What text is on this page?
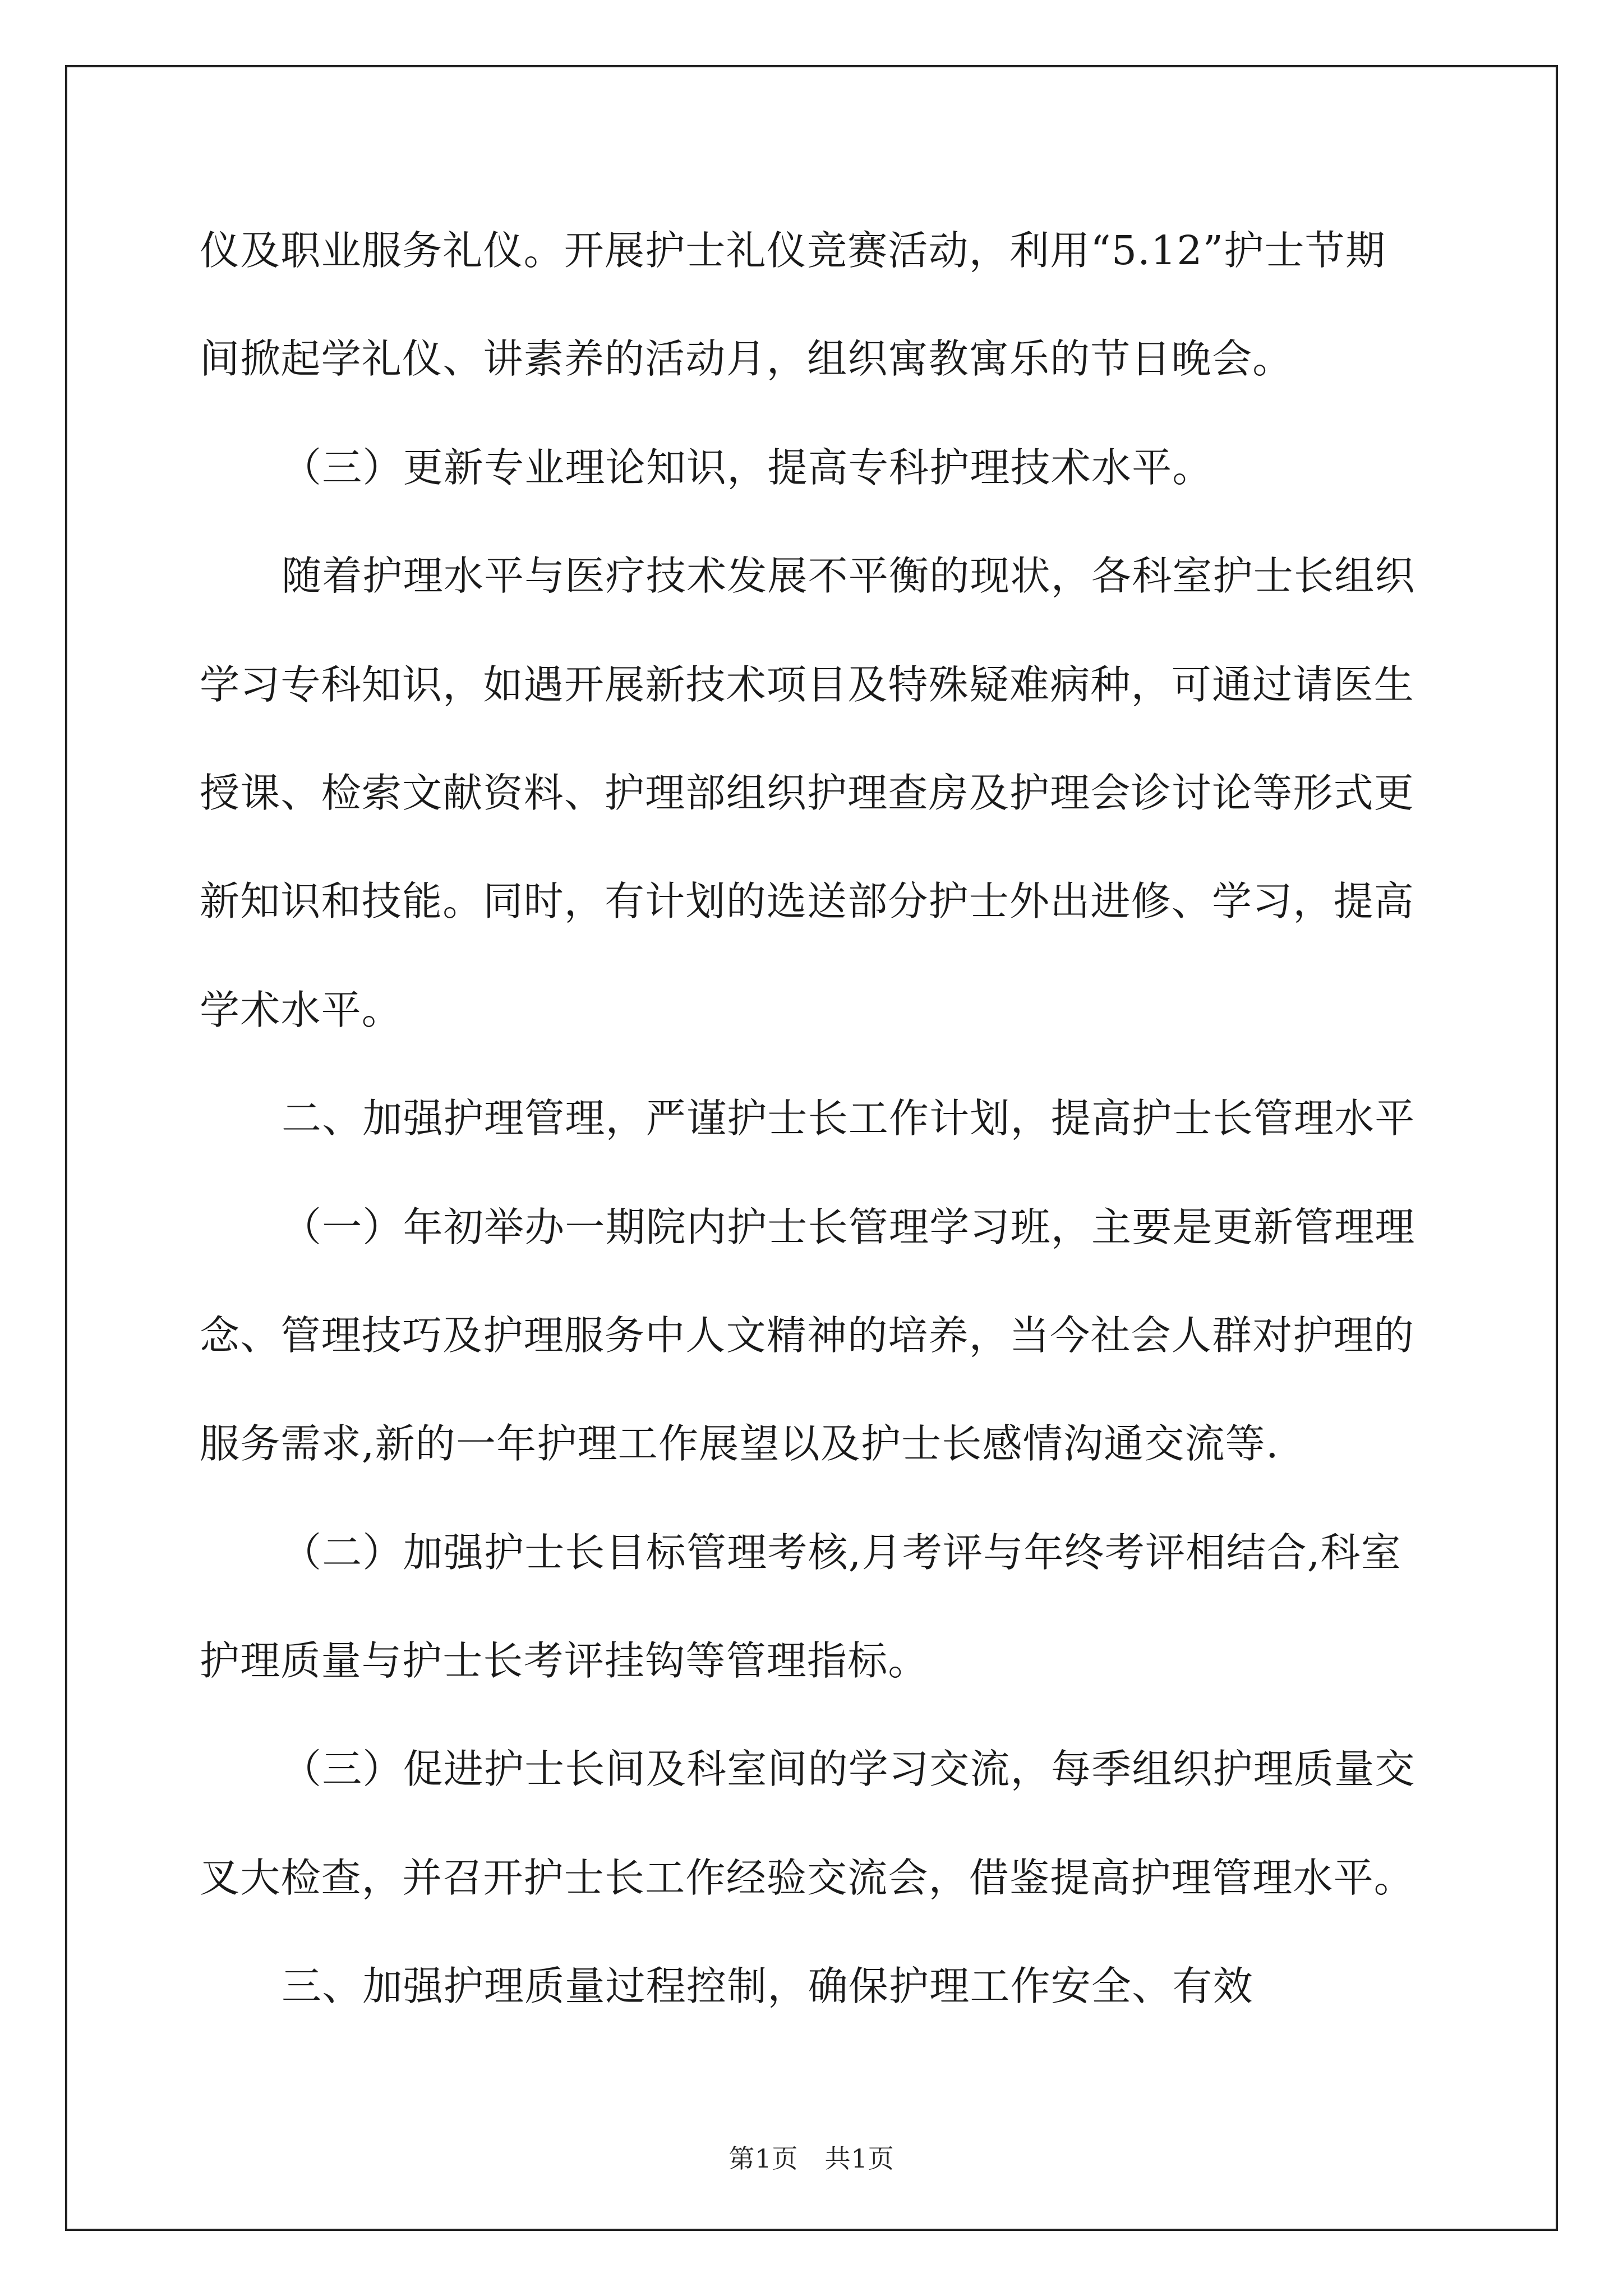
仪及职业服务礼仪。开展护士礼仪竞赛活动，利用“5.12”护士节期
间掀起学礼仪、讲素养的活动月，组织寓教寓乐的节日晚会。
（三）更新专业理论知识，提高专科护理技术水平。
随着护理水平与医疗技术发展不平衡的现状，各科室护士长组织
学习专科知识，如遇开展新技术项目及特殊疑难病种，可通过请医生
授课、检索文献资料、护理部组织护理查房及护理会诊讨论等形式更
新知识和技能。同时，有计划的选送部分护士外出进修、学习，提高
学术水平。
二、加强护理管理，严谨护士长工作计划，提高护士长管理水平
（一）年初举办一期院内护士长管理学习班，主要是更新管理理
念、管理技巧及护理服务中人文精神的培养，当今社会人群对护理的
服务需求,新的一年护理工作展望以及护士长感情沟通交流等.
（二）加强护士长目标管理考核,月考评与年终考评相结合,科室
护理质量与护士长考评挂钩等管理指标。
（三）促进护士长间及科室间的学习交流，每季组织护理质量交
叉大检查，并召开护士长工作经验交流会，借鉴提高护理管理水平。
三、加强护理质量过程控制，确保护理工作安全、有效
第1页　共1页
